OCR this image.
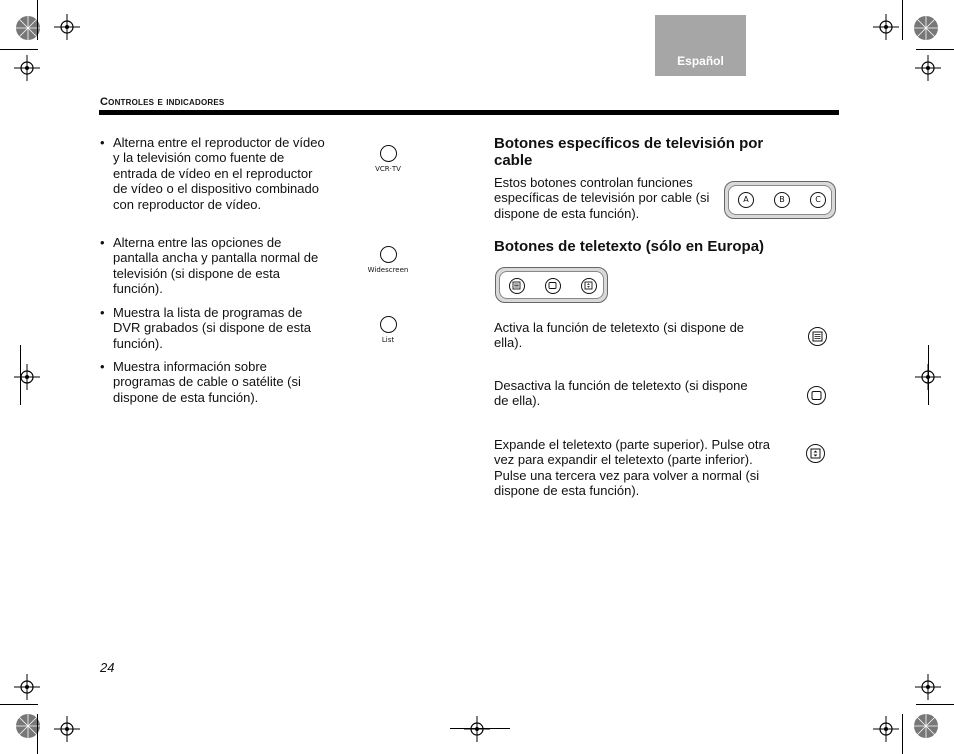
Español
Controles e indicadores
• Alterna entre el reproductor de vídeo y la televisión como fuente de entrada de vídeo en el reproductor de vídeo o el dispositivo combinado con reproductor de vídeo.
• Alterna entre las opciones de pantalla ancha y pantalla normal de televisión (si dispone de esta función).
• Muestra la lista de programas de DVR grabados (si dispone de esta función).
• Muestra información sobre programas de cable o satélite (si dispone de esta función).
VCR·TV
Widescreen
List
Botones específicos de televisión por cable
Estos botones controlan funciones específicas de televisión por cable (si dispone de esta función).
A	B	C
Botones de teletexto (sólo en Europa)
Activa la función de teletexto (si dispone de ella).
Desactiva la función de teletexto (si dispone de ella).
Expande el teletexto (parte superior). Pulse otra vez para expandir el teletexto (parte inferior). Pulse una tercera vez para volver a normal (si dispone de esta función).
24
